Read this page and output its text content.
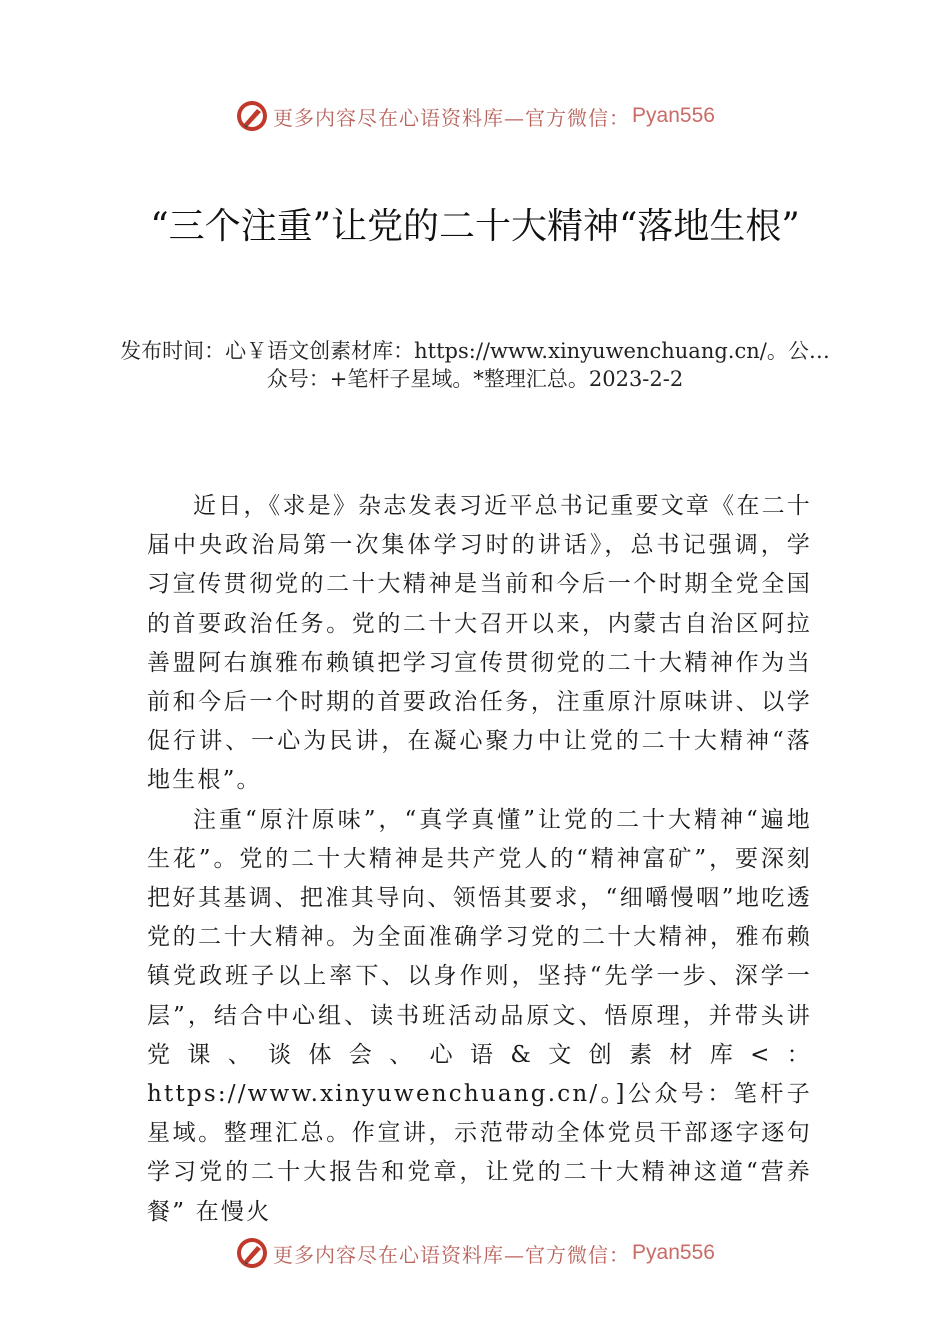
更多内容尽在心语资料库—官方微信： Pyan556
“三个注重”让党的二十大精神“落地生根”
发布时间：心￥语文创素材库：https://www.xinyuwenchuang.cn/。公…众号：+笔杆子星域。*整理汇总。2023-2-2

近日，《求是》杂志发表习近平总书记重要文章《在二十届中央政治局第一次集体学习时的讲话》，总书记强调，学习宣传贯彻党的二十大精神是当前和今后一个时期全党全国的首要政治任务。党的二十大召开以来，内蒙古自治区阿拉善盟阿右旗雅布赖镇把学习宣传贯彻党的二十大精神作为当前和今后一个时期的首要政治任务，注重原汁原味讲、以学促行讲、一心为民讲，在凝心聚力中让党的二十大精神“落地生根”。

注重“原汁原味”，“真学真懂”让党的二十大精神“遍地生花”。党的二十大精神是共产党人的“精神富矿”，要深刻把好其基调、把准其导向、领悟其要求，“细嚼慢咽”地吃透党的二十大精神。为全面准确学习党的二十大精神，雅布赖镇党政班子以上率下、以身作则，坚持“先学一步、深学一层”，结合中心组、读书班活动品原文、悟原理，并带头讲党课、谈体会、心语&文创素材库<：https://www.xinyuwenchuang.cn/。]公众号：笔杆子星域。整理汇总。作宣讲，示范带动全体党员干部逐字逐句学习党的二十大报告和党章，让党的二十大精神这道“营养餐” 在慢火

更多内容尽在心语资料库—官方微信： Pyan556
